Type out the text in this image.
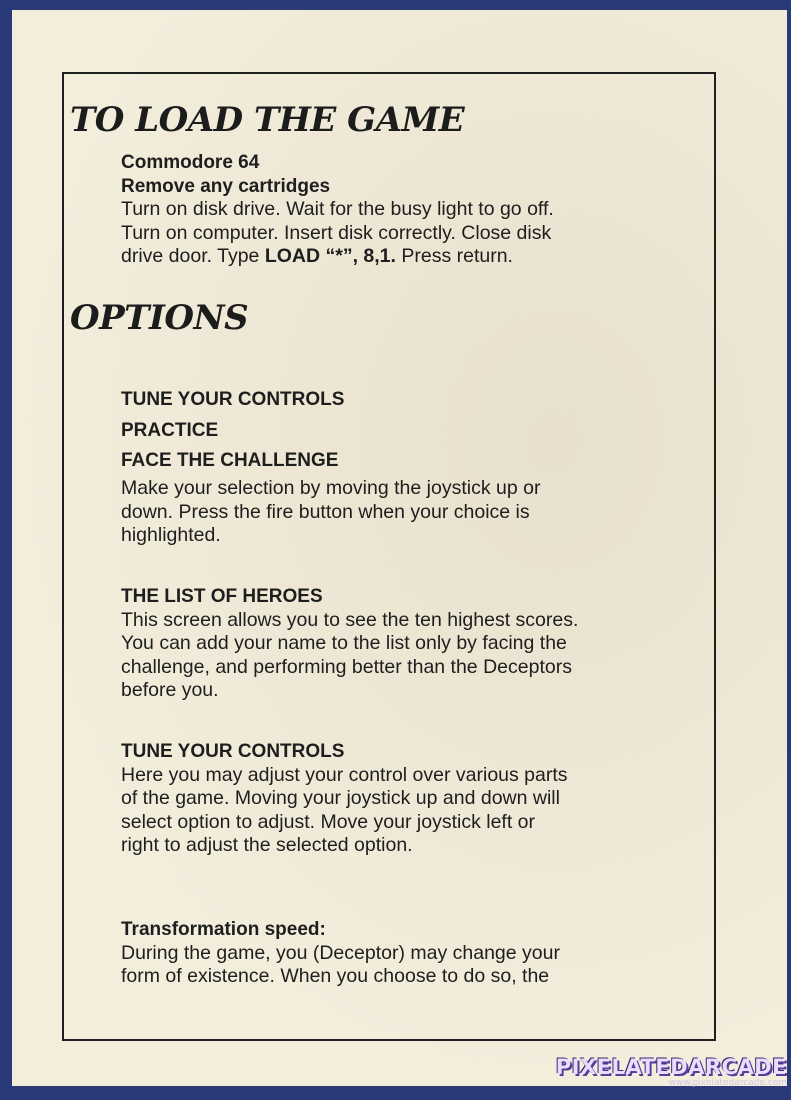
TO LOAD THE GAME

Commodore 64

Remove any cartridges

Turn on disk drive. Wait for the busy light to go off.

Turn on computer. Insert disk correctly. Close disk

drive door. Type LOAD “*”, 8,1. Press return.

OPTIONS

TUNE YOUR CONTROLS

PRACTICE

FACE THE CHALLENGE

Make your selection by moving the joystick up or

down. Press the fire button when your choice is

highlighted.

THE LIST OF HEROES

This screen allows you to see the ten highest scores.

You can add your name to the list only by facing the

challenge, and performing better than the Deceptors

before you.

TUNE YOUR CONTROLS

Here you may adjust your control over various parts

of the game. Moving your joystick up and down will

select option to adjust. Move your joystick left or

right to adjust the selected option.

Transformation speed:

During the game, you (Deceptor) may change your

form of existence. When you choose to do so, the

PIXELATEDARCADE
www.pixelatedarcade.com
